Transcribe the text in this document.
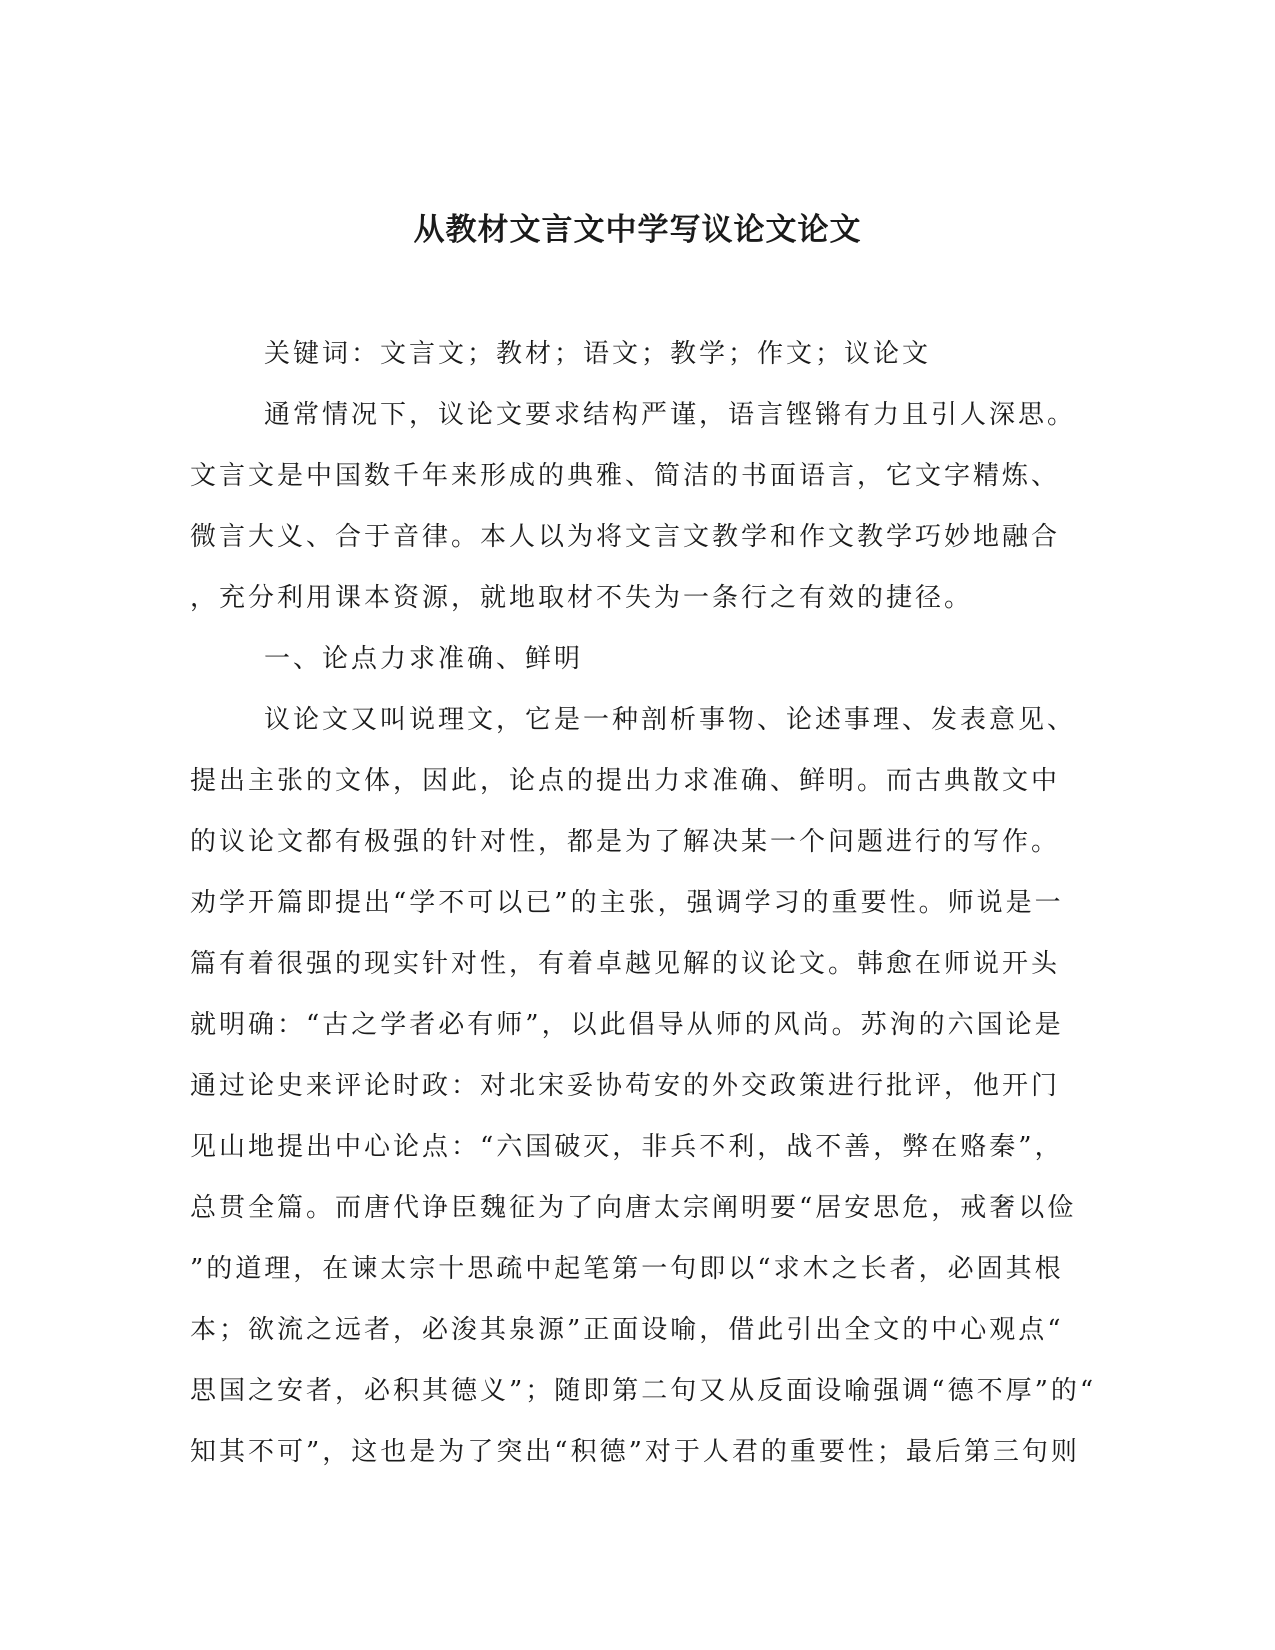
从教材文言文中学写议论文论文
关键词：文言文；教材；语文；教学；作文；议论文
通常情况下，议论文要求结构严谨，语言铿锵有力且引人深思。
文言文是中国数千年来形成的典雅、简洁的书面语言，它文字精炼、
微言大义、合于音律。本人以为将文言文教学和作文教学巧妙地融合
，充分利用课本资源，就地取材不失为一条行之有效的捷径。
一、论点力求准确、鲜明
议论文又叫说理文，它是一种剖析事物、论述事理、发表意见、
提出主张的文体，因此，论点的提出力求准确、鲜明。而古典散文中
的议论文都有极强的针对性，都是为了解决某一个问题进行的写作。
劝学开篇即提出“学不可以已”的主张，强调学习的重要性。师说是一
篇有着很强的现实针对性，有着卓越见解的议论文。韩愈在师说开头
就明确：“古之学者必有师”，以此倡导从师的风尚。苏洵的六国论是
通过论史来评论时政：对北宋妥协苟安的外交政策进行批评，他开门
见山地提出中心论点：“六国破灭，非兵不利，战不善，弊在赂秦”，
总贯全篇。而唐代诤臣魏征为了向唐太宗阐明要“居安思危，戒奢以俭
”的道理，在谏太宗十思疏中起笔第一句即以“求木之长者，必固其根
本；欲流之远者，必浚其泉源”正面设喻，借此引出全文的中心观点“
思国之安者，必积其德义”；随即第二句又从反面设喻强调“德不厚”的“
知其不可”，这也是为了突出“积德”对于人君的重要性；最后第三句则
